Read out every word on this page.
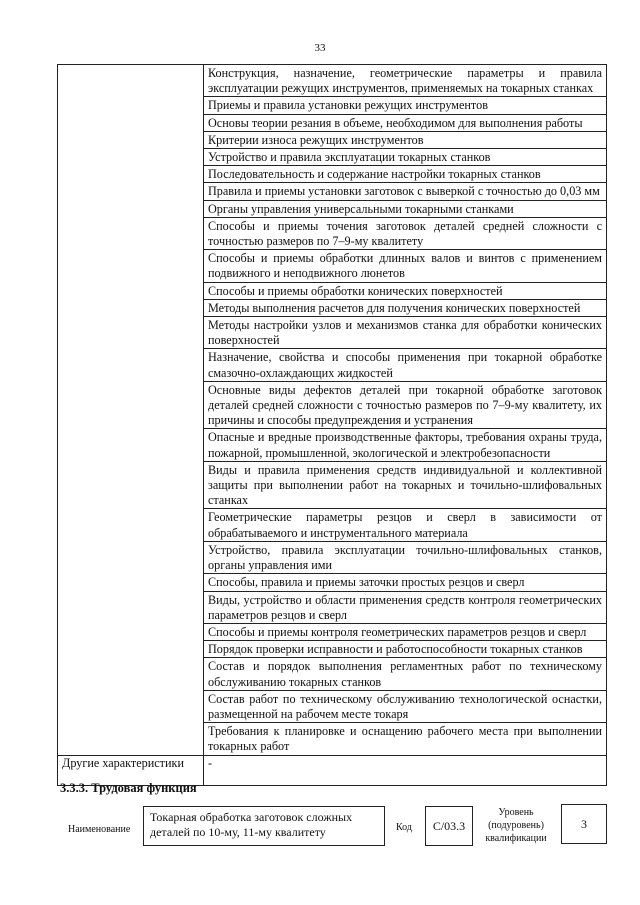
33
	Конструкция, назначение, геометрические параметры и правила эксплуатации режущих инструментов, применяемых на токарных станках
	Приемы и правила установки режущих инструментов
	Основы теории резания в объеме, необходимом для выполнения работы
	Критерии износа режущих инструментов
	Устройство и правила эксплуатации токарных станков
	Последовательность и содержание настройки токарных станков
	Правила и приемы установки заготовок с выверкой с точностью до 0,03 мм
	Органы управления универсальными токарными станками
	Способы и приемы точения заготовок деталей средней сложности с точностью размеров по 7–9-му квалитету
	Способы и приемы обработки длинных валов и винтов с применением подвижного и неподвижного люнетов
	Способы и приемы обработки конических поверхностей
	Методы выполнения расчетов для получения конических поверхностей
	Методы настройки узлов и механизмов станка для обработки конических поверхностей
	Назначение, свойства и способы применения при токарной обработке смазочно-охлаждающих жидкостей
	Основные виды дефектов деталей при токарной обработке заготовок деталей средней сложности с точностью размеров по 7–9-му квалитету, их причины и способы предупреждения и устранения
	Опасные и вредные производственные факторы, требования охраны труда, пожарной, промышленной, экологической и электробезопасности
	Виды и правила применения средств индивидуальной и коллективной защиты при выполнении работ на токарных и точильно-шлифовальных станках
	Геометрические параметры резцов и сверл в зависимости от обрабатываемого и инструментального материала
	Устройство, правила эксплуатации точильно-шлифовальных станков, органы управления ими
	Способы, правила и приемы заточки простых резцов и сверл
	Виды, устройство и области применения средств контроля геометрических параметров резцов и сверл
	Способы и приемы контроля геометрических параметров резцов и сверл
	Порядок проверки исправности и работоспособности токарных станков
	Состав и порядок выполнения регламентных работ по техническому обслуживанию токарных станков
	Состав работ по техническому обслуживанию технологической оснастки, размещенной на рабочем месте токаря
	Требования к планировке и оснащению рабочего места при выполнении токарных работ
Другие характеристики	-
3.3.3. Трудовая функция
Наименование
Токарная обработка заготовок сложных деталей по 10-му, 11-му квалитету	Код	C/03.3
Уровень (подуровень) квалификации
3
